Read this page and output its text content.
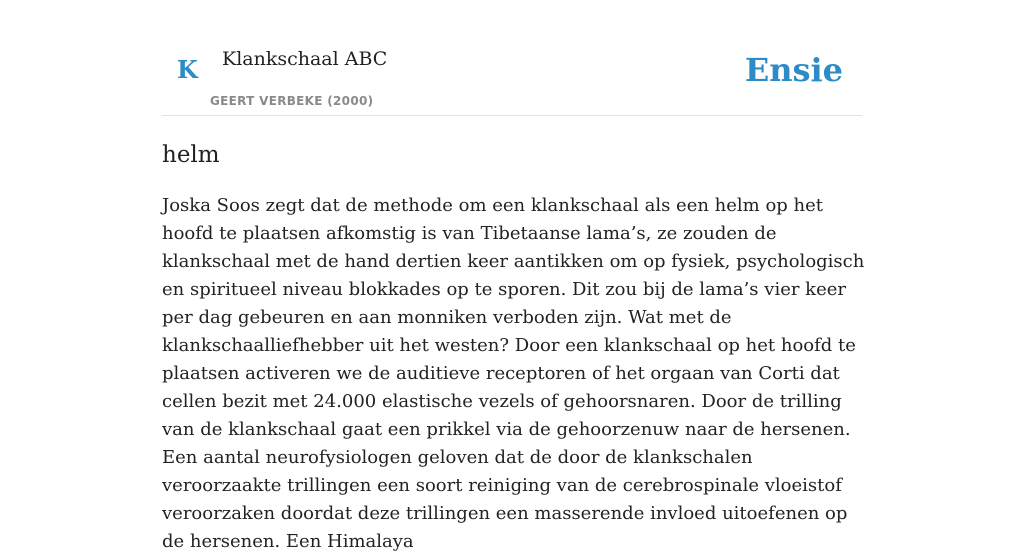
K Klankschaal ABC
GEERT VERBEKE (2000)
Ensie
helm

Joska Soos zegt dat de methode om een klankschaal als een helm op het hoofd te plaatsen afkomstig is van Tibetaanse lama’s, ze zouden de klankschaal met de hand dertien keer aantikken om op fysiek, psychologisch en spiritueel niveau blokkades op te sporen. Dit zou bij de lama’s vier keer per dag gebeuren en aan monniken verboden zijn. Wat met de klankschaalliefhebber uit het westen? Door een klankschaal op het hoofd te plaatsen activeren we de auditieve receptoren of het orgaan van Corti dat cellen bezit met 24.000 elastische vezels of gehoorsnaren. Door de trilling van de klankschaal gaat een prikkel via de gehoorzenuw naar de hersenen.

Een aantal neurofysiologen geloven dat de door de klankschalen veroorzaakte trillingen een soort reiniging van de cerebrospinale vloeistof veroorzaken doordat deze trillingen een masserende invloed uitoefenen op de hersenen. Een Himalaya
